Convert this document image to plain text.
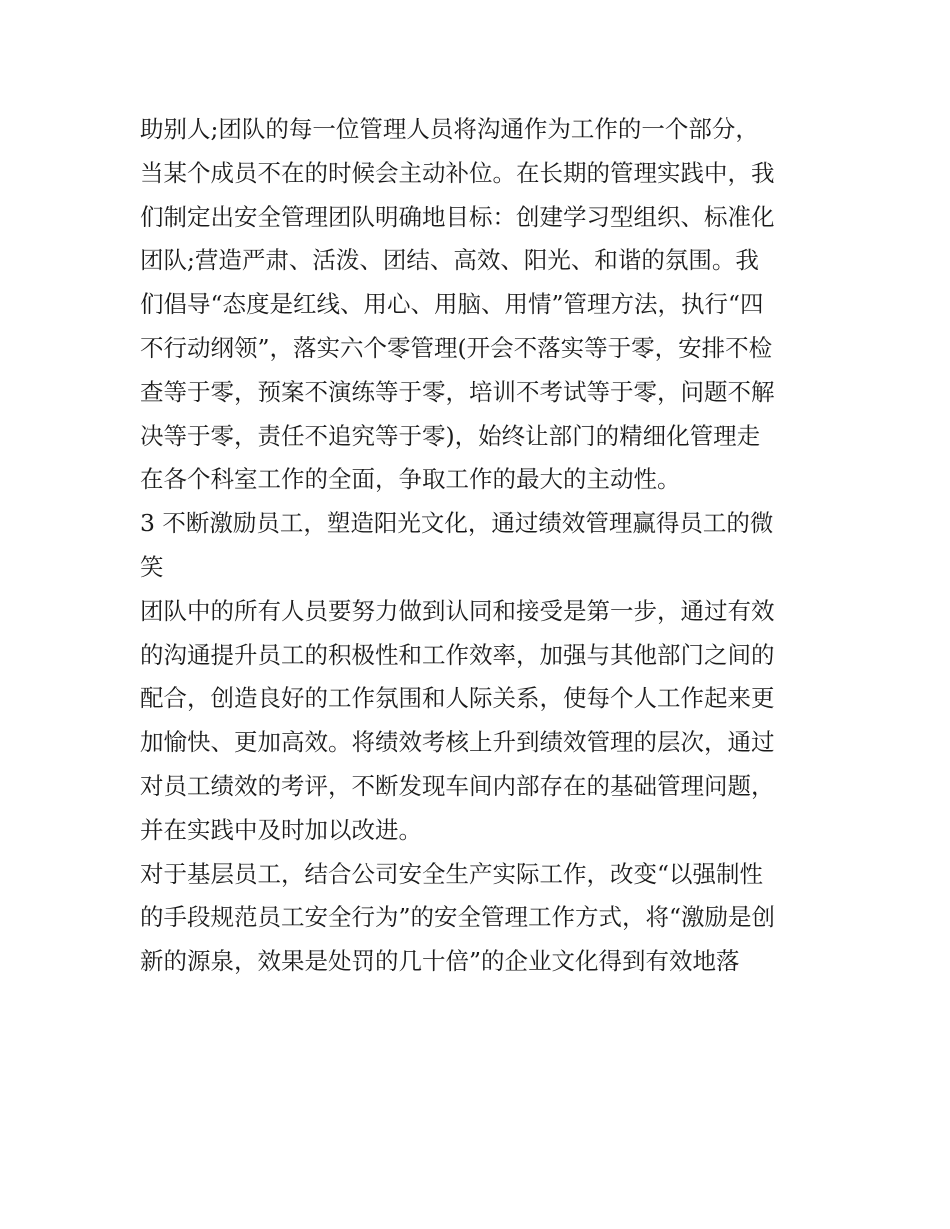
助别人;团队的每一位管理人员将沟通作为工作的一个部分，
当某个成员不在的时候会主动补位。在长期的管理实践中，我
们制定出安全管理团队明确地目标：创建学习型组织、标准化
团队;营造严肃、活泼、团结、高效、阳光、和谐的氛围。我
们倡导“态度是红线、用心、用脑、用情”管理方法，执行“四
不行动纲领”，落实六个零管理(开会不落实等于零，安排不检
查等于零，预案不演练等于零，培训不考试等于零，问题不解
决等于零，责任不追究等于零)，始终让部门的精细化管理走
在各个科室工作的全面，争取工作的最大的主动性。
3 不断激励员工，塑造阳光文化，通过绩效管理赢得员工的微
笑
团队中的所有人员要努力做到认同和接受是第一步，通过有效
的沟通提升员工的积极性和工作效率，加强与其他部门之间的
配合，创造良好的工作氛围和人际关系，使每个人工作起来更
加愉快、更加高效。将绩效考核上升到绩效管理的层次，通过
对员工绩效的考评，不断发现车间内部存在的基础管理问题，
并在实践中及时加以改进。
对于基层员工，结合公司安全生产实际工作，改变“以强制性
的手段规范员工安全行为”的安全管理工作方式，将“激励是创
新的源泉，效果是处罚的几十倍”的企业文化得到有效地落
